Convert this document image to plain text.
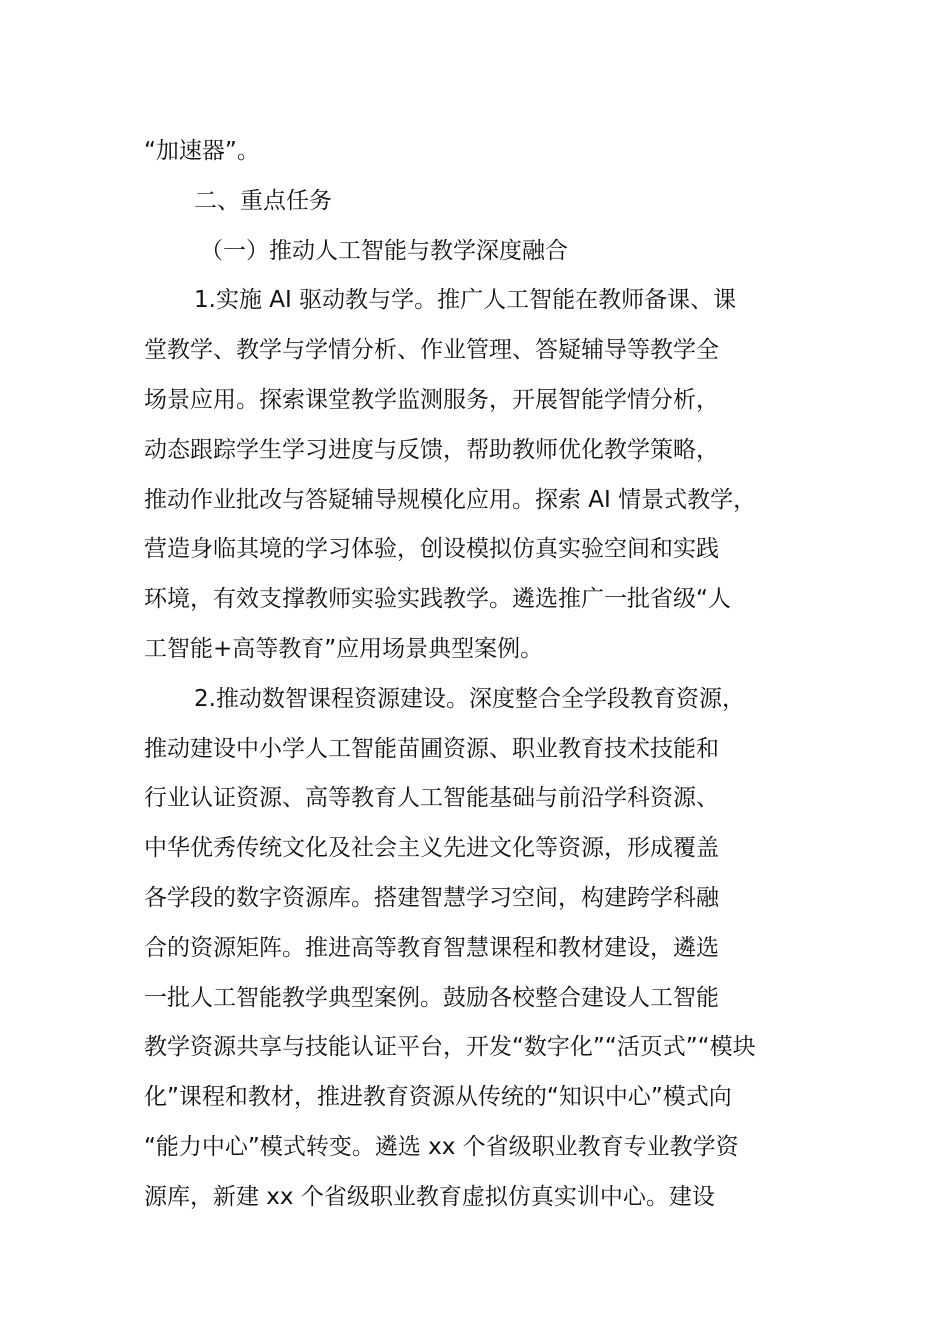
“加速器”。

二、重点任务

（一）推动人工智能与教学深度融合

1.实施 AI 驱动教与学。推广人工智能在教师备课、课

堂教学、教学与学情分析、作业管理、答疑辅导等教学全

场景应用。探索课堂教学监测服务，开展智能学情分析，

动态跟踪学生学习进度与反馈，帮助教师优化教学策略，

推动作业批改与答疑辅导规模化应用。探索 AI 情景式教学，

营造身临其境的学习体验，创设模拟仿真实验空间和实践

环境，有效支撑教师实验实践教学。遴选推广一批省级“人

工智能+高等教育”应用场景典型案例。

2.推动数智课程资源建设。深度整合全学段教育资源，

推动建设中小学人工智能苗圃资源、职业教育技术技能和

行业认证资源、高等教育人工智能基础与前沿学科资源、

中华优秀传统文化及社会主义先进文化等资源，形成覆盖

各学段的数字资源库。搭建智慧学习空间，构建跨学科融

合的资源矩阵。推进高等教育智慧课程和教材建设，遴选

一批人工智能教学典型案例。鼓励各校整合建设人工智能

教学资源共享与技能认证平台，开发“数字化”“活页式”“模块

化”课程和教材，推进教育资源从传统的“知识中心”模式向

“能力中心”模式转变。遴选 xx 个省级职业教育专业教学资

源库，新建 xx 个省级职业教育虚拟仿真实训中心。建设
